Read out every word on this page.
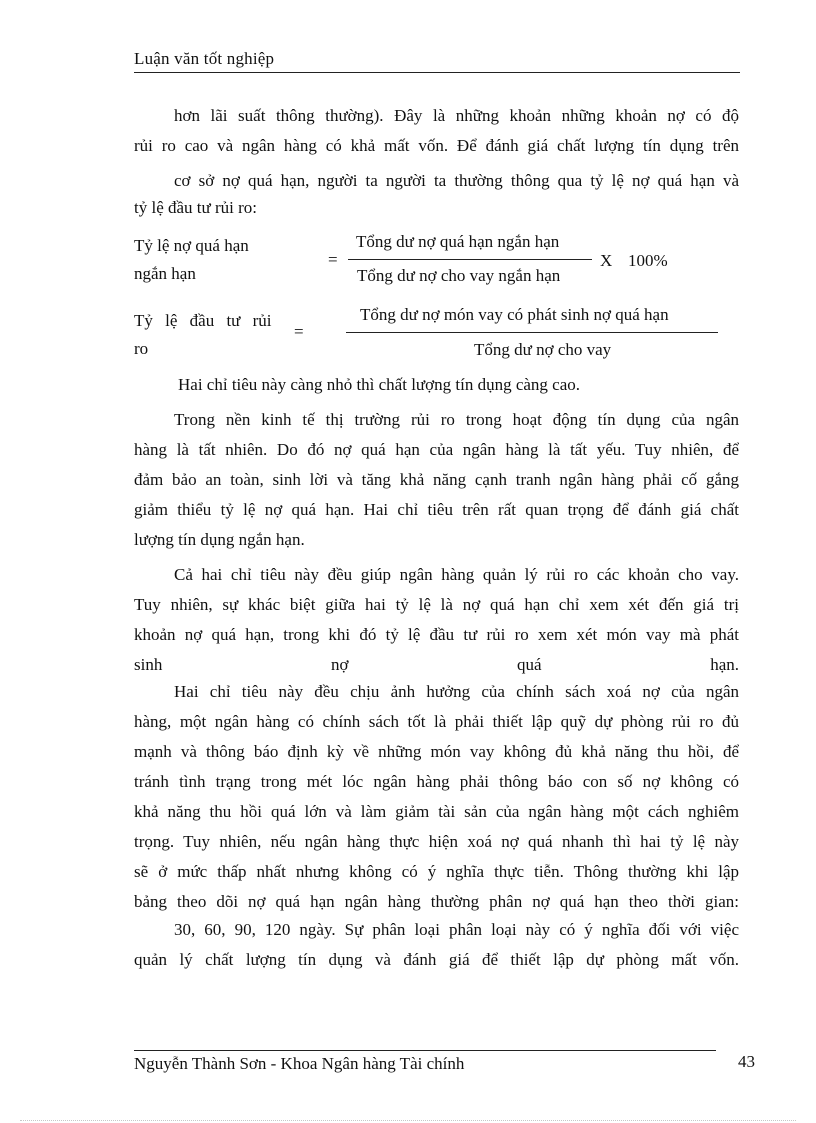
Luận văn tốt nghiệp
hơn lãi suất thông thường). Đây là những khoản những khoản nợ có độ
rủi ro cao và ngân hàng có khả mất vốn. Để đánh giá chất lượng tín dụng trên
cơ sở nợ quá hạn, người ta người ta thường thông qua tỷ lệ nợ quá hạn và
tỷ lệ đầu tư rủi ro:
Tỷ lệ nợ quá hạn
ngắn hạn
=
Tổng dư nợ quá hạn ngắn hạn
Tổng dư nợ cho vay ngắn hạn
X 100%
Tỷ lệ đầu tư rủi
ro
=
Tổng dư nợ món vay có phát sinh nợ quá hạn
Tổng dư nợ cho vay
Hai chỉ tiêu này càng nhỏ thì chất lượng tín dụng càng cao.
Trong nền kinh tế thị trường rủi ro trong hoạt động tín dụng của ngân
hàng là tất nhiên. Do đó nợ quá hạn của ngân hàng là tất yếu. Tuy nhiên, để
đảm bảo an toàn, sinh lời và tăng khả năng cạnh tranh ngân hàng phải cố gắng
giảm thiểu tỷ lệ nợ quá hạn. Hai chỉ tiêu trên rất quan trọng để đánh giá chất
lượng tín dụng ngắn hạn.
Cả hai chỉ tiêu này đều giúp ngân hàng quản lý rủi ro các khoản cho vay.
Tuy nhiên, sự khác biệt giữa hai tỷ lệ là nợ quá hạn chỉ xem xét đến giá trị
khoản nợ quá hạn, trong khi đó tỷ lệ đầu tư rủi ro xem xét món vay mà phát
sinh nợ quá hạn.
Hai chỉ tiêu này đều chịu ảnh hưởng của chính sách xoá nợ của ngân
hàng, một ngân hàng có chính sách tốt là phải thiết lập quỹ dự phòng rủi ro đủ
mạnh và thông báo định kỳ về những món vay không đủ khả năng thu hồi, để
tránh tình trạng trong mét lóc ngân hàng phải thông báo con số nợ không có
khả năng thu hồi quá lớn và làm giảm tài sản của ngân hàng một cách nghiêm
trọng. Tuy nhiên, nếu ngân hàng thực hiện xoá nợ quá nhanh thì hai tỷ lệ này
sẽ ở mức thấp nhất nhưng không có ý nghĩa thực tiễn. Thông thường khi lập
bảng theo dõi nợ quá hạn ngân hàng thường phân nợ quá hạn theo thời gian:
30, 60, 90, 120 ngày. Sự phân loại phân loại này có ý nghĩa đối với việc
quản lý chất lượng tín dụng và đánh giá để thiết lập dự phòng mất vốn.
Nguyễn Thành Sơn - Khoa Ngân hàng Tài chính	43
